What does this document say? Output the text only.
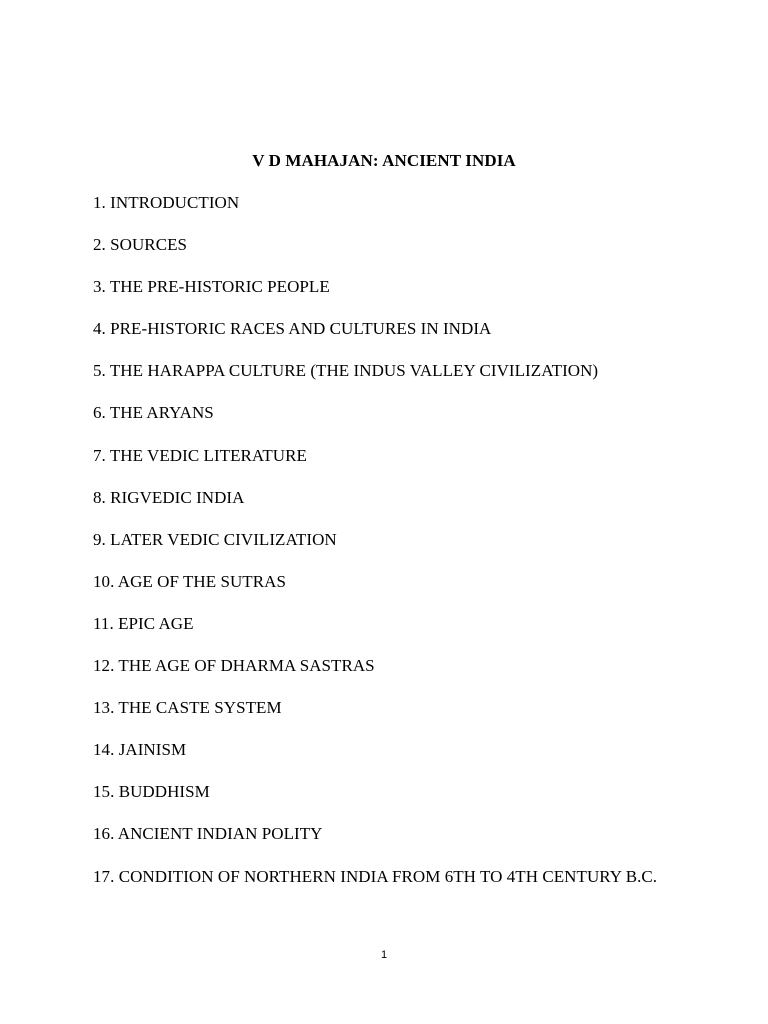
V D MAHAJAN: ANCIENT INDIA
1. INTRODUCTION
2. SOURCES
3. THE PRE-HISTORIC PEOPLE
4. PRE-HISTORIC RACES AND CULTURES IN INDIA
5. THE HARAPPA CULTURE (THE INDUS VALLEY CIVILIZATION)
6. THE ARYANS
7. THE VEDIC LITERATURE
8. RIGVEDIC INDIA
9. LATER VEDIC CIVILIZATION
10. AGE OF THE SUTRAS
11. EPIC AGE
12. THE AGE OF DHARMA SASTRAS
13. THE CASTE SYSTEM
14. JAINISM
15. BUDDHISM
16. ANCIENT INDIAN POLITY
17. CONDITION OF NORTHERN INDIA FROM 6TH TO 4TH CENTURY B.C.
1
